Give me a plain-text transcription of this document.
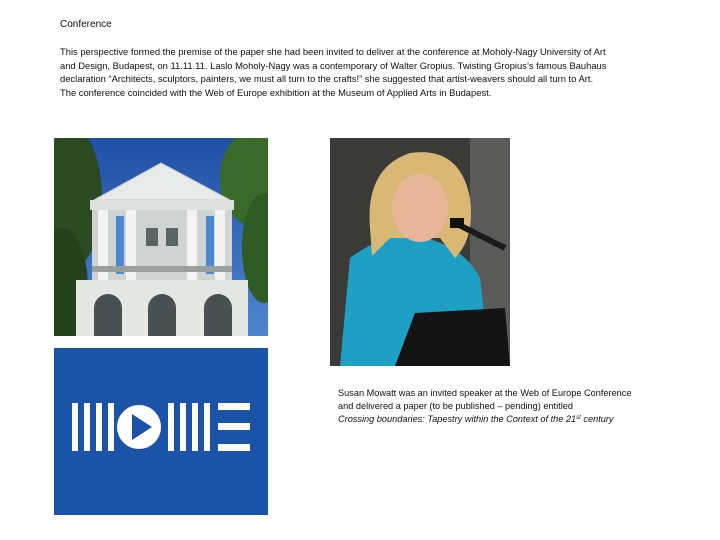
Conference

This perspective formed the premise of the paper she had been invited to deliver at the conference at Moholy-Nagy University of Art

and Design, Budapest, on 11.11.11. Laslo Moholy-Nagy was a contemporary of Walter Gropius. Twisting Gropius’s famous Bauhaus

declaration “Architects, sculptors, painters, we must all turn to the crafts!” she suggested that artist-weavers should all turn to Art.

The conference coincided with the Web of Europe exhibition at the Museum of Applied Arts in Budapest.

Susan Mowatt was an invited speaker at the Web of Europe Conference

and delivered a paper (to be published – pending) entitled

Crossing boundaries: Tapestry within the Context of the 21st century
